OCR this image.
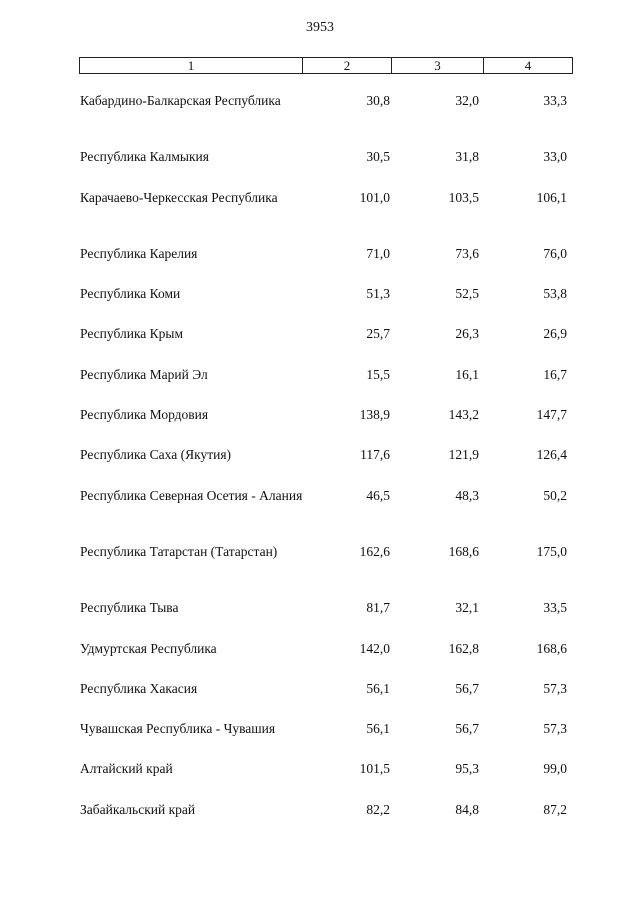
3953
1	2	3	4
Кабардино-Балкарская Республика	30,8	32,0	33,3
Республика Калмыкия	30,5	31,8	33,0
Карачаево-Черкесская Республика	101,0	103,5	106,1
Республика Карелия	71,0	73,6	76,0
Республика Коми	51,3	52,5	53,8
Республика Крым	25,7	26,3	26,9
Республика Марий Эл	15,5	16,1	16,7
Республика Мордовия	138,9	143,2	147,7
Республика Саха (Якутия)	117,6	121,9	126,4
Республика Северная Осетия - Алания	46,5	48,3	50,2
Республика Татарстан (Татарстан)	162,6	168,6	175,0
Республика Тыва	81,7	32,1	33,5
Удмуртская Республика	142,0	162,8	168,6
Республика Хакасия	56,1	56,7	57,3
Чувашская Республика - Чувашия	56,1	56,7	57,3
Алтайский край	101,5	95,3	99,0
Забайкальский край	82,2	84,8	87,2
